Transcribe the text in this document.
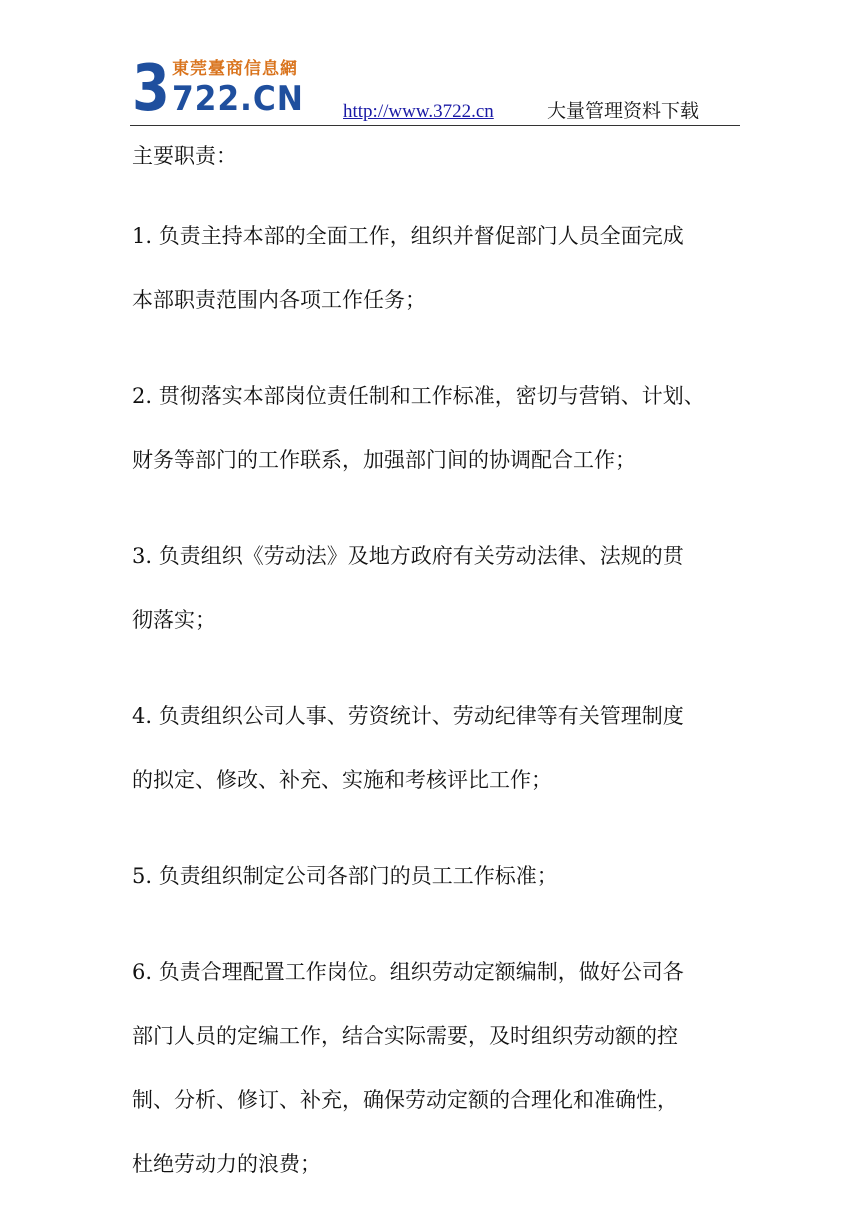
3 東莞臺商信息網
722.CN http://www.3722.cn	大量管理资料下载

主要职责：

1. 负责主持本部的全面工作，组织并督促部门人员全面完成
本部职责范围内各项工作任务；

2. 贯彻落实本部岗位责任制和工作标准，密切与营销、计划、
财务等部门的工作联系，加强部门间的协调配合工作；

3. 负责组织《劳动法》及地方政府有关劳动法律、法规的贯
彻落实；

4. 负责组织公司人事、劳资统计、劳动纪律等有关管理制度
的拟定、修改、补充、实施和考核评比工作；

5. 负责组织制定公司各部门的员工工作标准；

6. 负责合理配置工作岗位。组织劳动定额编制，做好公司各
部门人员的定编工作，结合实际需要，及时组织劳动额的控
制、分析、修订、补充，确保劳动定额的合理化和准确性，
杜绝劳动力的浪费；
